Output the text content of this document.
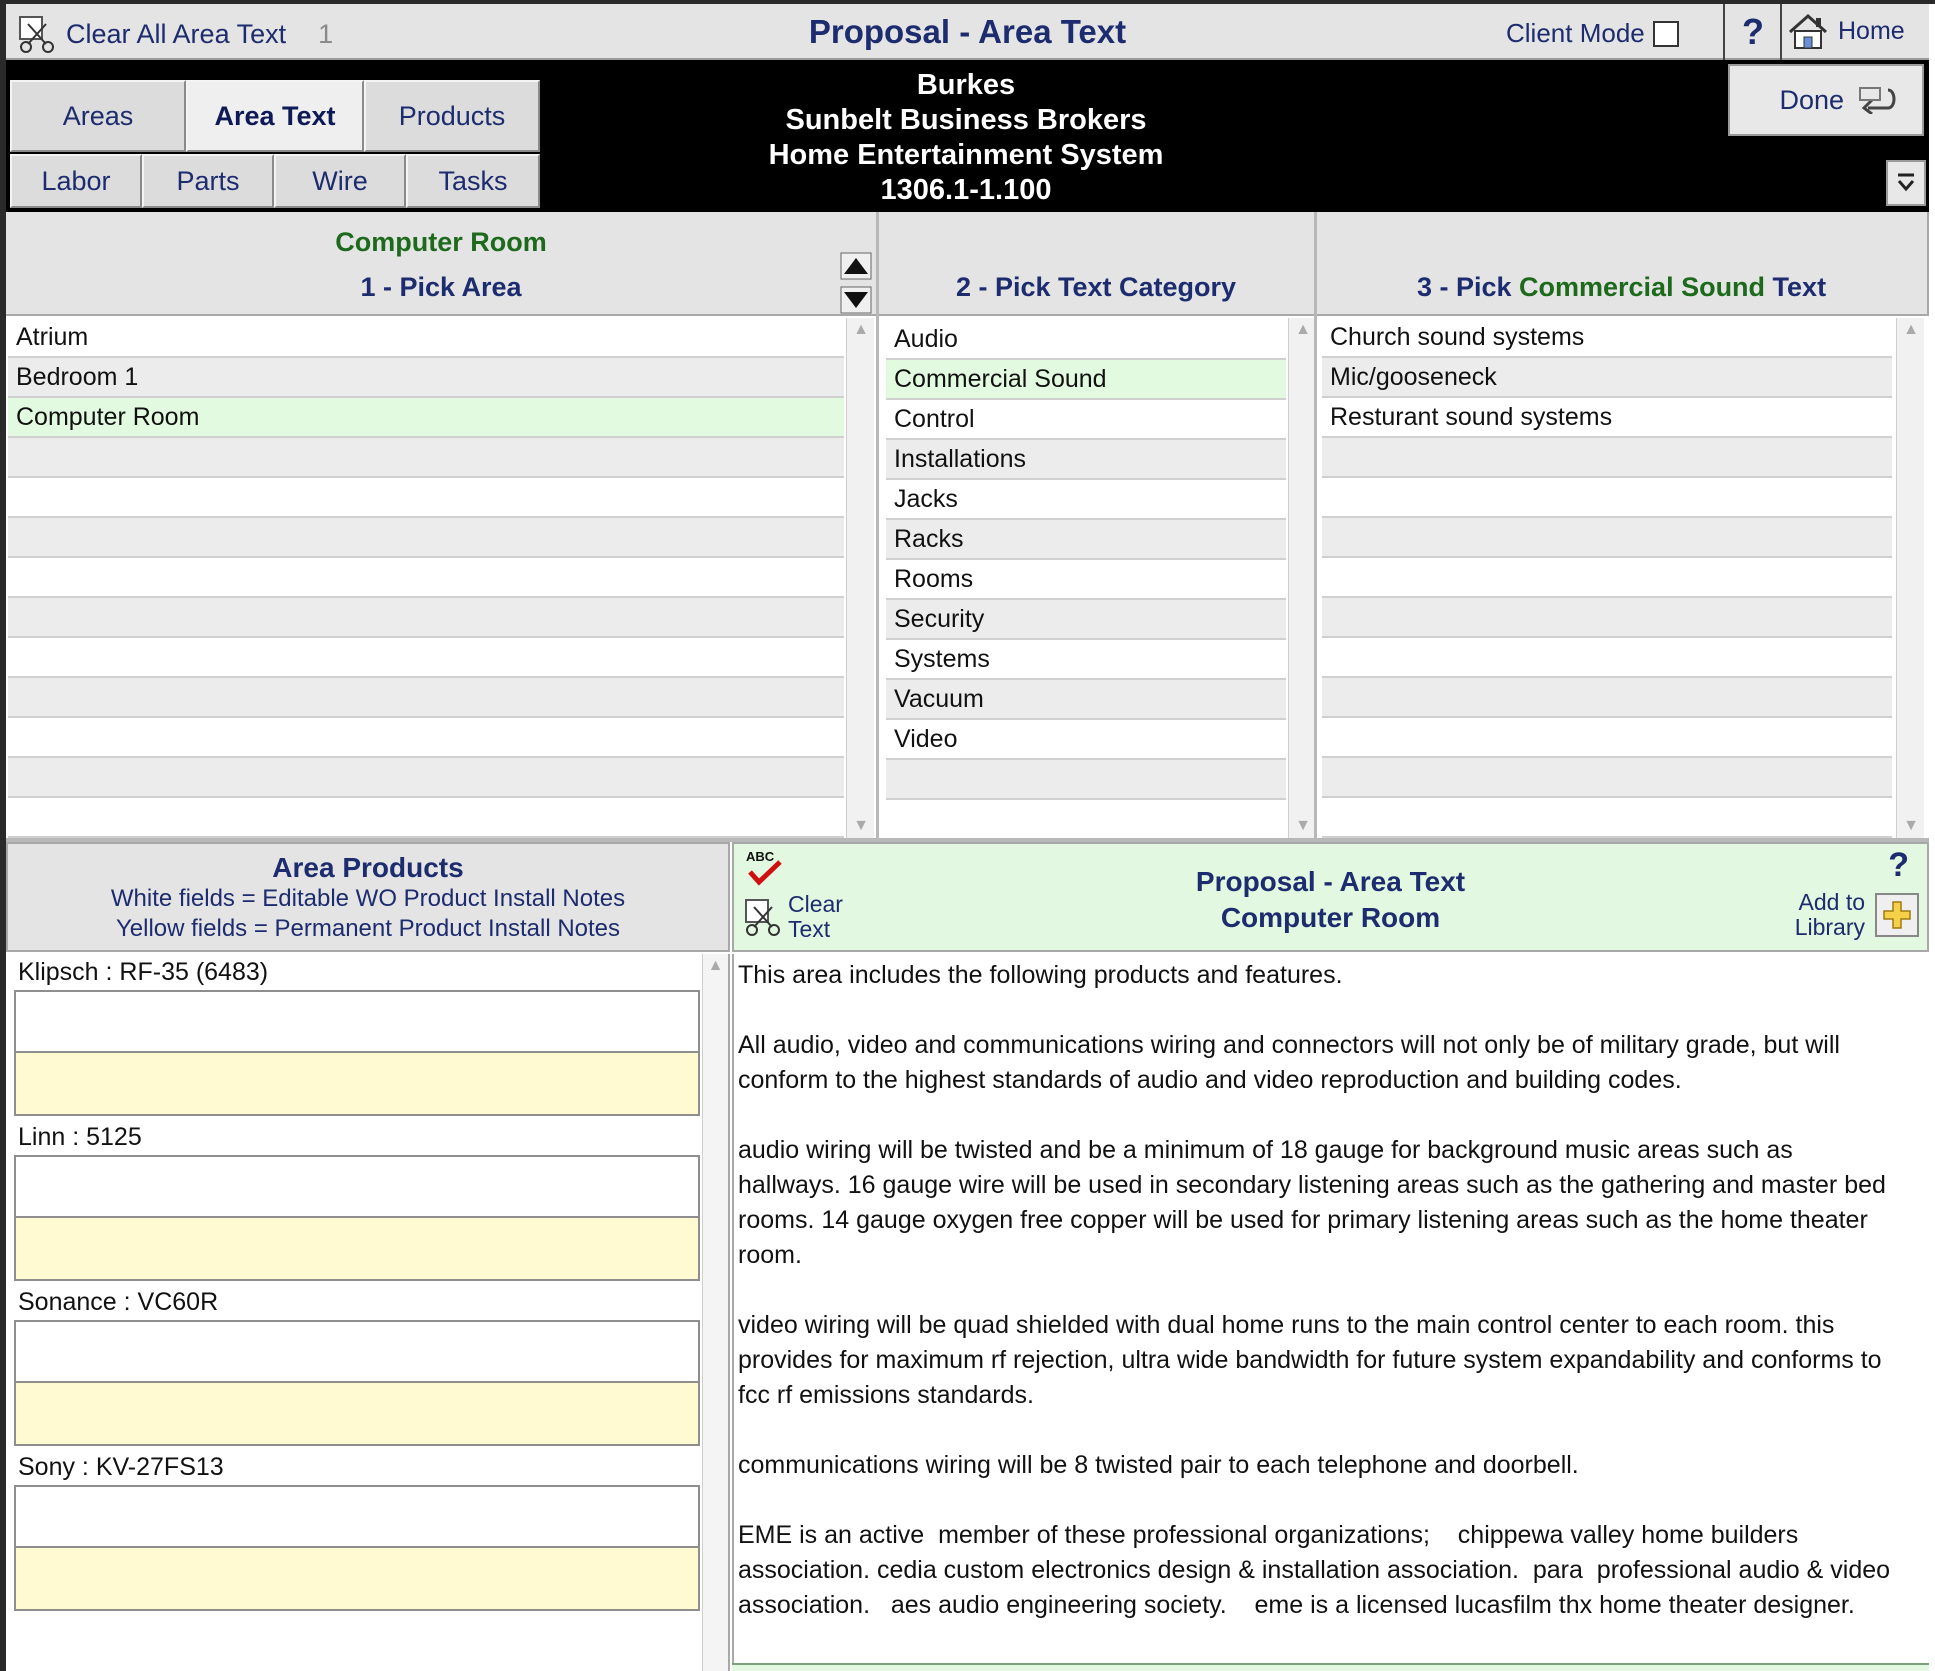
Clear All Area Text 1	Proposal - Area Text	Client Mode	?	Home
Areas	Area Text Products
Labor Parts	Wire	Tasks
Burkes
Sunbelt Business Brokers
Home Entertainment System
1306.1-1.100
Done
Computer Room
1 - Pick Area	2 - Pick Text Category	3 - Pick Commercial Sound Text
Atrium
Bedroom 1
Computer Room
▲
▼
Audio
Commercial Sound
Control
Installations
Jacks
Racks
Rooms
Security
Systems
Vacuum
Video
▲
▼
Church sound systems
Mic/gooseneck
Resturant sound systems
▲
▼
Area Products
White fields = Editable WO Product Install Notes
Yellow fields = Permanent Product Install Notes
Klipsch : RF-35 (6483)
Linn : 5125
Sonance : VC60R
Sony : KV-27FS13
▲
ABC
Clear
Text
Proposal - Area Text
Computer Room
?
Add to
Library
This area includes the following products and features.

All audio, video and communications wiring and connectors will not only be of military grade, but will conform to the highest standards of audio and video reproduction and building codes.

audio wiring will be twisted and be a minimum of 18 gauge for background music areas such as hallways. 16 gauge wire will be used in secondary listening areas such as the gathering and master bed rooms. 14 gauge oxygen free copper will be used for primary listening areas such as the home theater room.

video wiring will be quad shielded with dual home runs to the main control center to each room. this provides for maximum rf rejection, ultra wide bandwidth for future system expandability and conforms to fcc rf emissions standards.

communications wiring will be 8 twisted pair to each telephone and doorbell.

EME is an active  member of these professional organizations;    chippewa valley home builders association. cedia custom electronics design & installation association.  para  professional audio & video association.   aes audio engineering society.    eme is a licensed lucasfilm thx home theater designer.
